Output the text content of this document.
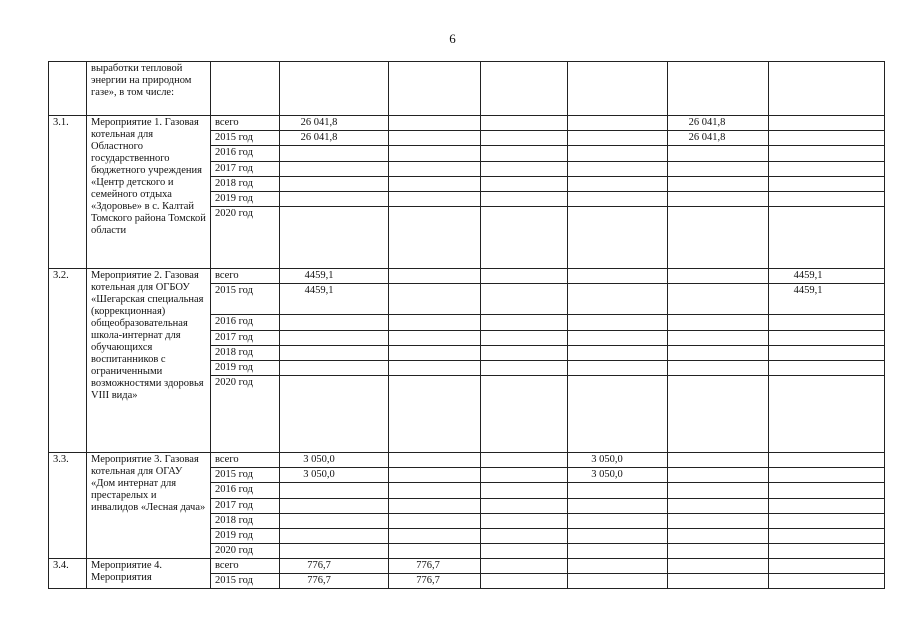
6
	выработки тепловой энергии на природном газе», в том числе:							
3.1.	Мероприятие 1. Газовая котельная для Областного государственного бюджетного учреждения «Центр детского и семейного отдыха «Здоровье» в с. Калтай Томского района Томской области	всего	26 041,8				26 041,8	
		2015 год	26 041,8				26 041,8	
		2016 год						
		2017 год						
		2018 год						
		2019 год						
		2020 год						
3.2.	Мероприятие 2. Газовая котельная для ОГБОУ «Шегарская специальная (коррекционная) общеобразовательная школа-интернат для обучающихся воспитанников с ограниченными возможностями здоровья VIII вида»	всего	4459,1					4459,1
		2015 год	4459,1					4459,1
		2016 год						
		2017 год						
		2018 год						
		2019 год						
		2020 год						
3.3.	Мероприятие 3. Газовая котельная для ОГАУ «Дом интернат для престарелых и инвалидов «Лесная дача»	всего	3 050,0			3 050,0		
		2015 год	3 050,0			3 050,0		
		2016 год						
		2017 год						
		2018 год						
		2019 год						
		2020 год						
3.4.	Мероприятие 4. Мероприятия	всего	776,7	776,7				
		2015 год	776,7	776,7				
